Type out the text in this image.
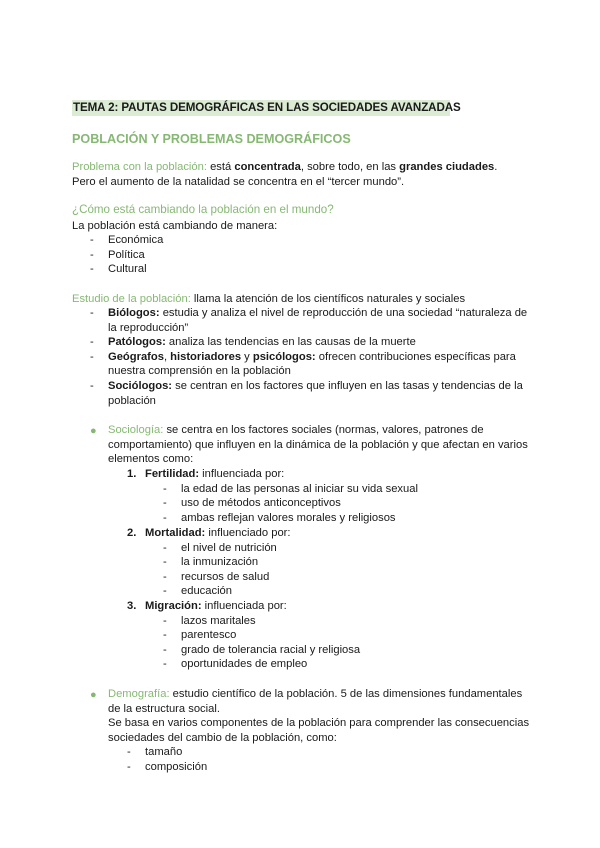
TEMA 2: PAUTAS DEMOGRÁFICAS EN LAS SOCIEDADES AVANZADAS
POBLACIÓN Y PROBLEMAS DEMOGRÁFICOS
Problema con la población: está concentrada, sobre todo, en las grandes ciudades.
Pero el aumento de la natalidad se concentra en el “tercer mundo”.
¿Cómo está cambiando la población en el mundo?
La población está cambiando de manera:
- Económica
- Política
- Cultural
Estudio de la población: llama la atención de los científicos naturales y sociales
- Biólogos: estudia y analiza el nivel de reproducción de una sociedad “naturaleza de
la reproducción”
- Patólogos: analiza las tendencias en las causas de la muerte
- Geógrafos, historiadores y psicólogos: ofrecen contribuciones específicas para
nuestra comprensión en la población
- Sociólogos: se centran en los factores que influyen en las tasas y tendencias de la
población
● Sociología: se centra en los factores sociales (normas, valores, patrones de
comportamiento) que influyen en la dinámica de la población y que afectan en varios
elementos como:
1. Fertilidad: influenciada por:
- la edad de las personas al iniciar su vida sexual
- uso de métodos anticonceptivos
- ambas reflejan valores morales y religiosos
2. Mortalidad: influenciado por:
- el nivel de nutrición
- la inmunización
- recursos de salud
- educación
3. Migración: influenciada por:
- lazos maritales
- parentesco
- grado de tolerancia racial y religiosa
- oportunidades de empleo
● Demografía: estudio científico de la población. 5 de las dimensiones fundamentales
de la estructura social.
Se basa en varios componentes de la población para comprender las consecuencias
sociedades del cambio de la población, como:
- tamaño
- composición
